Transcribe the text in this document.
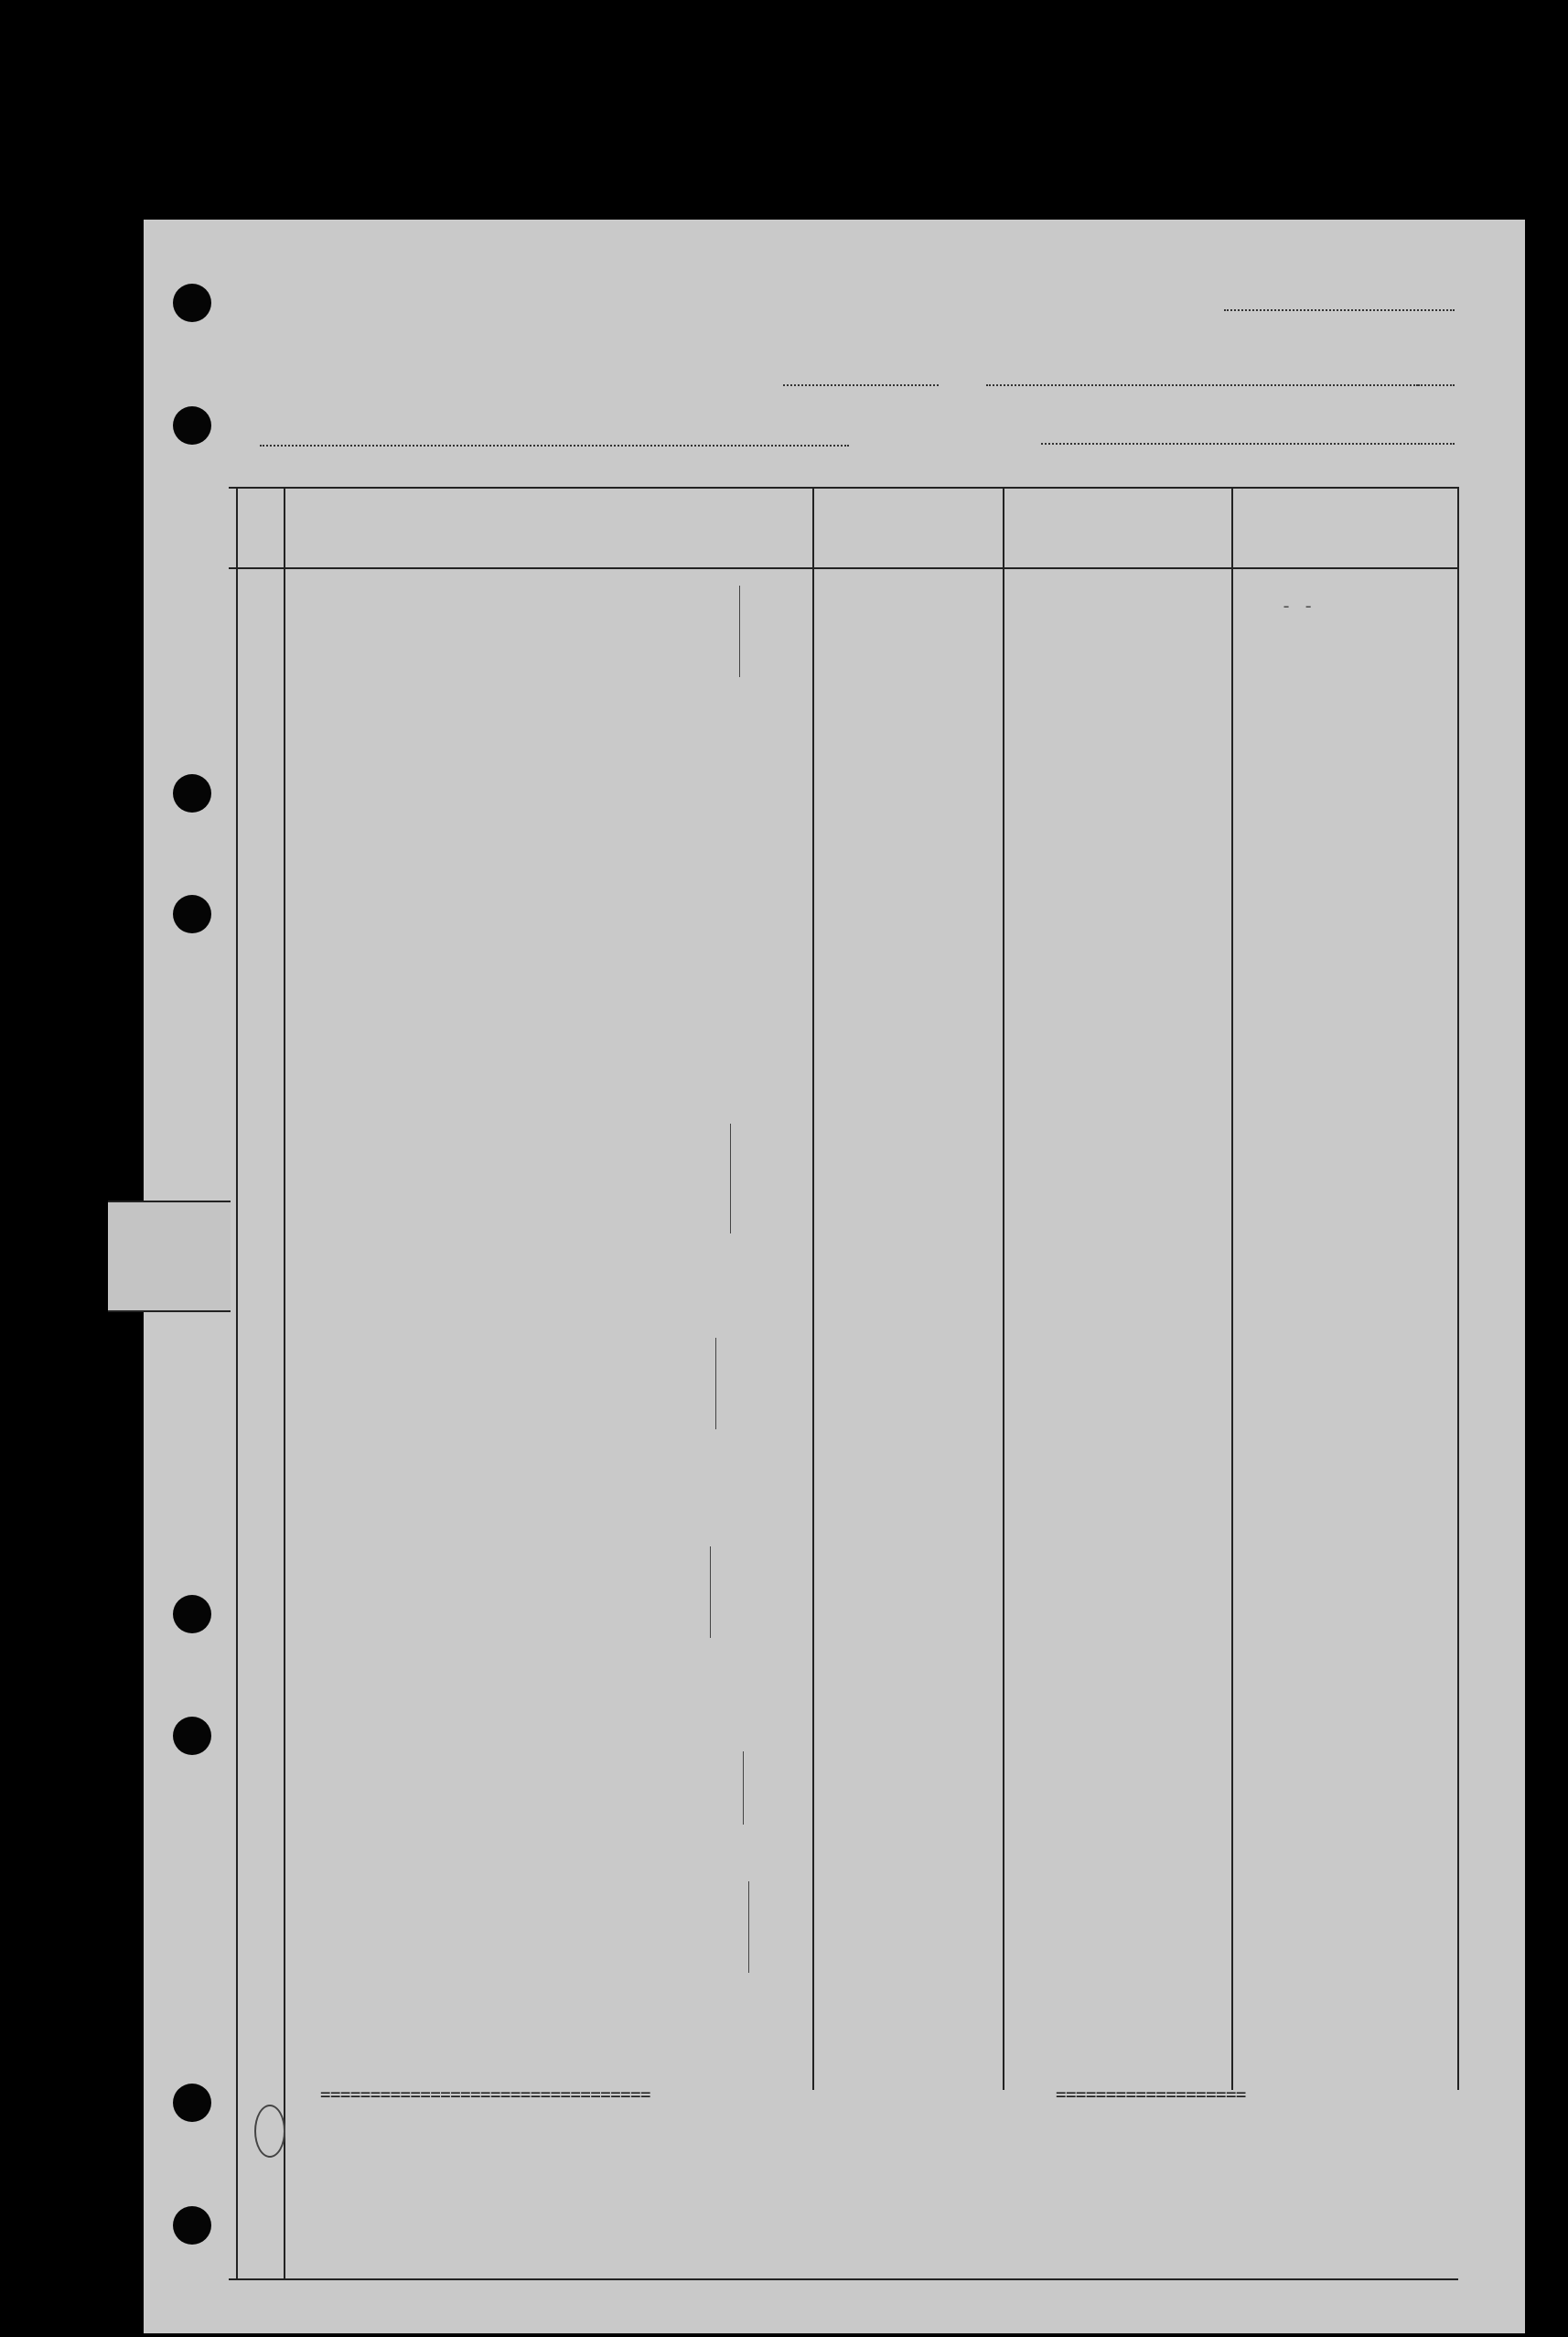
=================================	===================
- -
